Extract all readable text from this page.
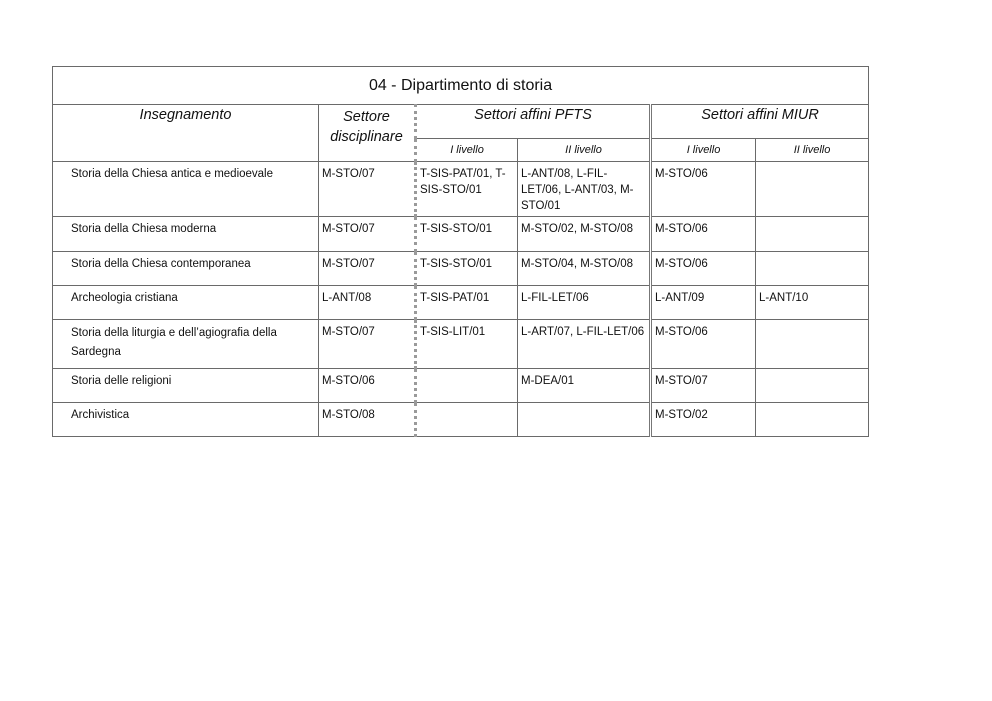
04 - Dipartimento di storia					
Insegnamento	Settore disciplinare	Settori affini PFTS		Settori affini MIUR	
		I livello	II livello	I livello	II livello
Storia della Chiesa antica e medioevale	M-STO/07	T-SIS-PAT/01, T-SIS-STO/01	L-ANT/08, L-FIL-LET/06, L-ANT/03, M-STO/01	M-STO/06	
Storia della Chiesa moderna	M-STO/07	T-SIS-STO/01	M-STO/02, M-STO/08	M-STO/06	
Storia della Chiesa contemporanea	M-STO/07	T-SIS-STO/01	M-STO/04, M-STO/08	M-STO/06	
Archeologia cristiana	L-ANT/08	T-SIS-PAT/01	L-FIL-LET/06	L-ANT/09	L-ANT/10
Storia della liturgia e dell’agiografia della Sardegna	M-STO/07	T-SIS-LIT/01	L-ART/07, L-FIL-LET/06	M-STO/06	
Storia delle religioni	M-STO/06		M-DEA/01	M-STO/07	
Archivistica	M-STO/08			M-STO/02	
